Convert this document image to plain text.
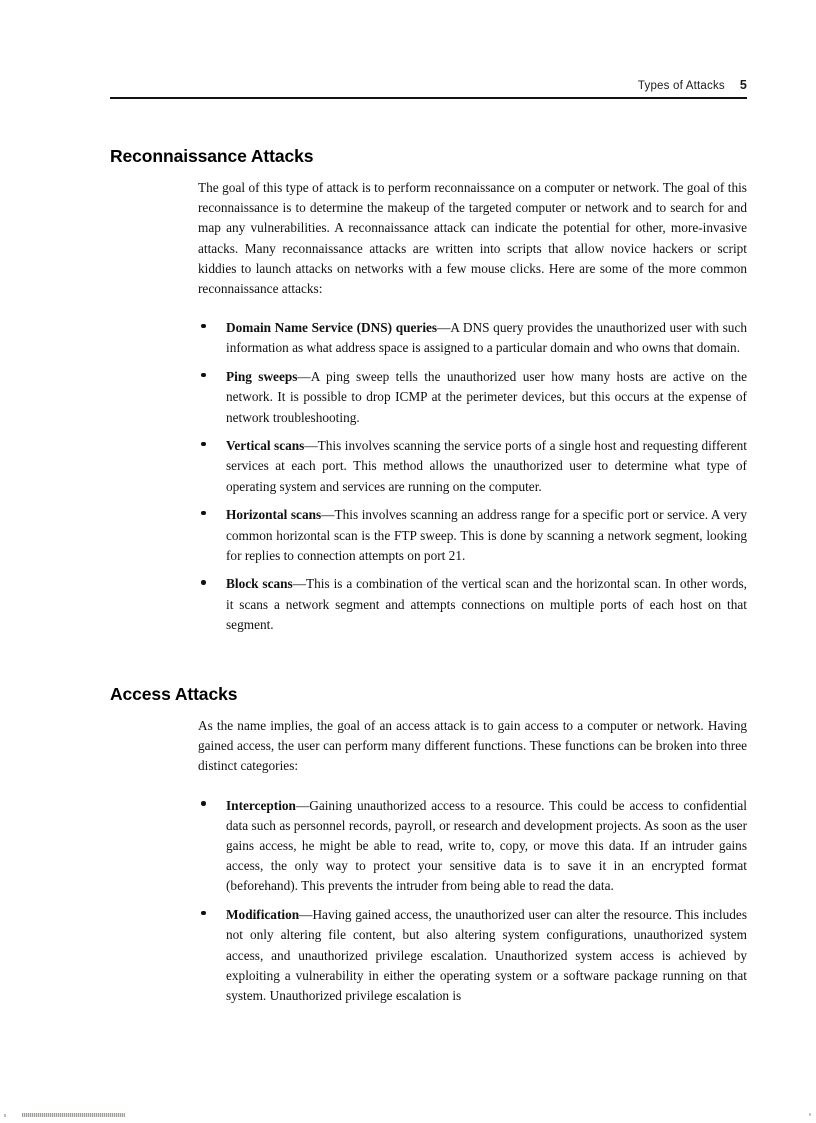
Types of Attacks 5
Reconnaissance Attacks

The goal of this type of attack is to perform reconnaissance on a computer or network. The goal of this reconnaissance is to determine the makeup of the targeted computer or network and to search for and map any vulnerabilities. A reconnaissance attack can indicate the potential for other, more-invasive attacks. Many reconnaissance attacks are written into scripts that allow novice hackers or script kiddies to launch attacks on networks with a few mouse clicks. Here are some of the more common reconnaissance attacks:

Domain Name Service (DNS) queries—A DNS query provides the unauthorized user with such information as what address space is assigned to a particular domain and who owns that domain.
Ping sweeps—A ping sweep tells the unauthorized user how many hosts are active on the network. It is possible to drop ICMP at the perimeter devices, but this occurs at the expense of network troubleshooting.
Vertical scans—This involves scanning the service ports of a single host and requesting different services at each port. This method allows the unauthorized user to determine what type of operating system and services are running on the computer.
Horizontal scans—This involves scanning an address range for a specific port or service. A very common horizontal scan is the FTP sweep. This is done by scanning a network segment, looking for replies to connection attempts on port 21.
Block scans—This is a combination of the vertical scan and the horizontal scan. In other words, it scans a network segment and attempts connections on multiple ports of each host on that segment.
Access Attacks

As the name implies, the goal of an access attack is to gain access to a computer or network. Having gained access, the user can perform many different functions. These functions can be broken into three distinct categories:

Interception—Gaining unauthorized access to a resource. This could be access to confidential data such as personnel records, payroll, or research and development projects. As soon as the user gains access, he might be able to read, write to, copy, or move this data. If an intruder gains access, the only way to protect your sensitive data is to save it in an encrypted format (beforehand). This prevents the intruder from being able to read the data.
Modification—Having gained access, the unauthorized user can alter the resource. This includes not only altering file content, but also altering system configurations, unauthorized system access, and unauthorized privilege escalation. Unauthorized system access is achieved by exploiting a vulnerability in either the operating system or a software package running on that system. Unauthorized privilege escalation is
